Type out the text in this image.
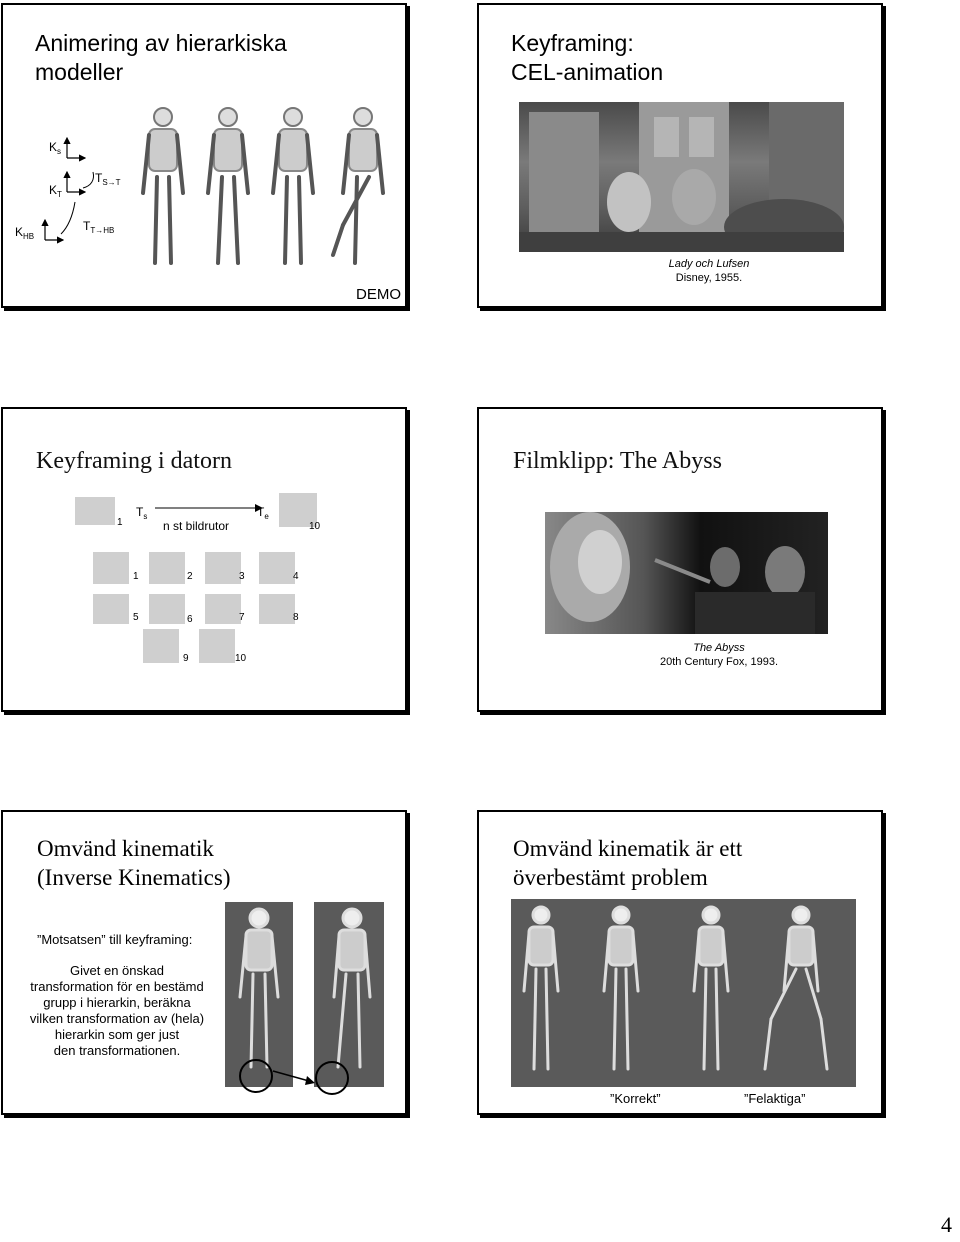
Animering av hierarkiska
modeller
$K_s$
$K_T$
$K_{HB}$
$T_{S\to T}$
$T_{T\to HB}$
DEMO
Keyframing:
CEL-animation
Lady och Lufsen
Disney, 1955.
Keyframing i datorn
1
$T_s$	$T_e$
n st bildrutor	10
1	2	3	4
5	6	7	8
9	10
Filmklipp: The Abyss
The Abyss
20th Century Fox, 1993.
Omvänd kinematik
(Inverse Kinematics)
”Motsatsen” till keyframing:
Givet en önskad
transformation för en bestämd
grupp i hierarkin, beräkna
vilken transformation av (hela)
hierarkin som ger just
den transformationen.
Omvänd kinematik är ett
överbestämt problem
”Korrekt”	”Felaktiga”
4
